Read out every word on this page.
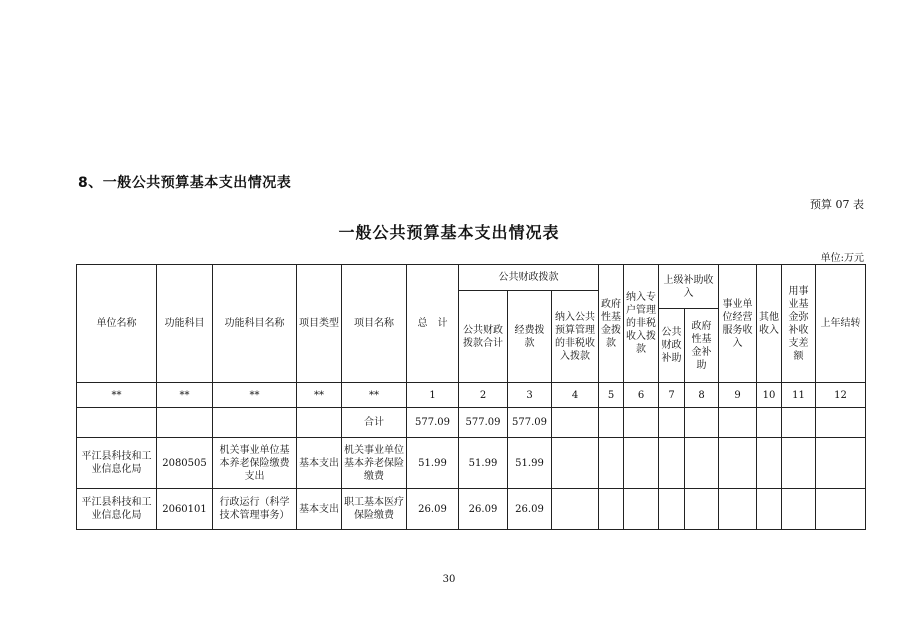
8、一般公共预算基本支出情况表
预算 07 表
一般公共预算基本支出情况表
单位:万元
单位名称	功能科目	功能科目名称	项目类型	项目名称	总　计	公共财政拨款			政府性基金拨款	纳入专户管理的非税收入拨款	上级补助收入		事业单位经营服务收入	其他收入	用事业基金弥补收支差额	上年结转
						公共财政拨款合计	经费拨款	纳入公共预算管理的非税收入拨款								
											公共财政补助	政府性基金补助				
**	**	**	**	**	1	2	3	4	5	6	7	8	9	10	11	12
				合计	577.09	577.09	577.09									
平江县科技和工业信息化局	2080505	机关事业单位基本养老保险缴费支出	基本支出	机关事业单位基本养老保险缴费	51.99	51.99	51.99									
平江县科技和工业信息化局	2060101	行政运行（科学技术管理事务）	基本支出	职工基本医疗保险缴费	26.09	26.09	26.09									
30
